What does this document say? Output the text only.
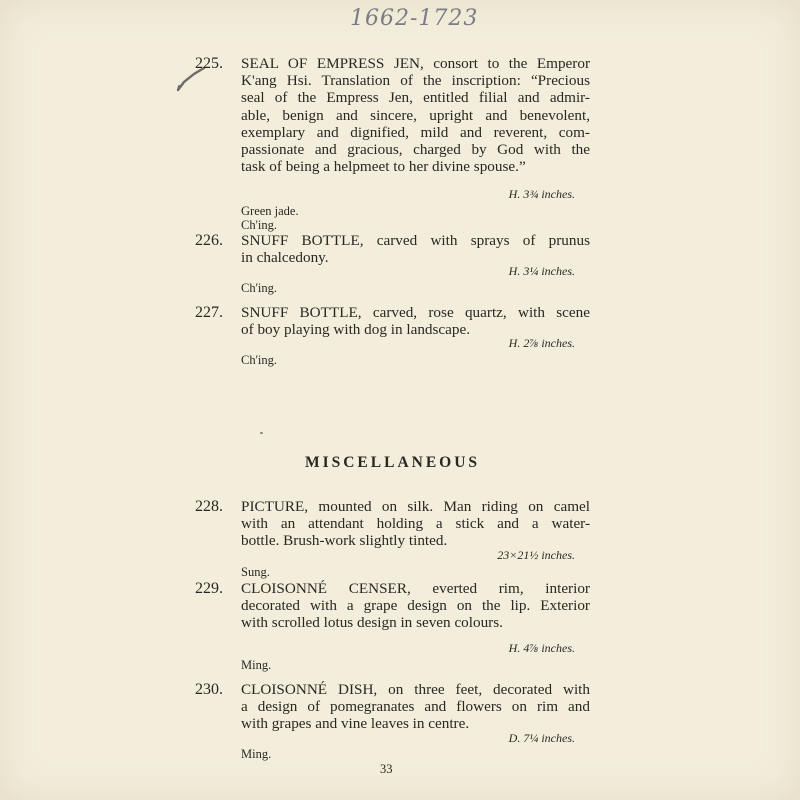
1662-1723
225. SEAL OF EMPRESS JEN, consort to the Emperor
K'ang Hsi. Translation of the inscription: “Precious
seal of the Empress Jen, entitled filial and admir-
able, benign and sincere, upright and benevolent,
exemplary and dignified, mild and reverent, com-
passionate and gracious, charged by God with the
task of being a helpmeet to her divine spouse.”
H. 3¾ inches.
Green jade.
Ch'ing.
226. SNUFF BOTTLE, carved with sprays of prunus
in chalcedony.
H. 3¼ inches.
Ch'ing.
227. SNUFF BOTTLE, carved, rose quartz, with scene
of boy playing with dog in landscape.
H. 2⅞ inches.
Ch'ing.
MISCELLANEOUS
228. PICTURE, mounted on silk. Man riding on camel
with an attendant holding a stick and a water-
bottle. Brush-work slightly tinted.
23×21½ inches.
Sung.
229. CLOISONNÉ CENSER, everted rim, interior
decorated with a grape design on the lip. Exterior
with scrolled lotus design in seven colours.
H. 4⅞ inches.
Ming.
230. CLOISONNÉ DISH, on three feet, decorated with
a design of pomegranates and flowers on rim and
with grapes and vine leaves in centre.
D. 7¼ inches.
Ming.
33
